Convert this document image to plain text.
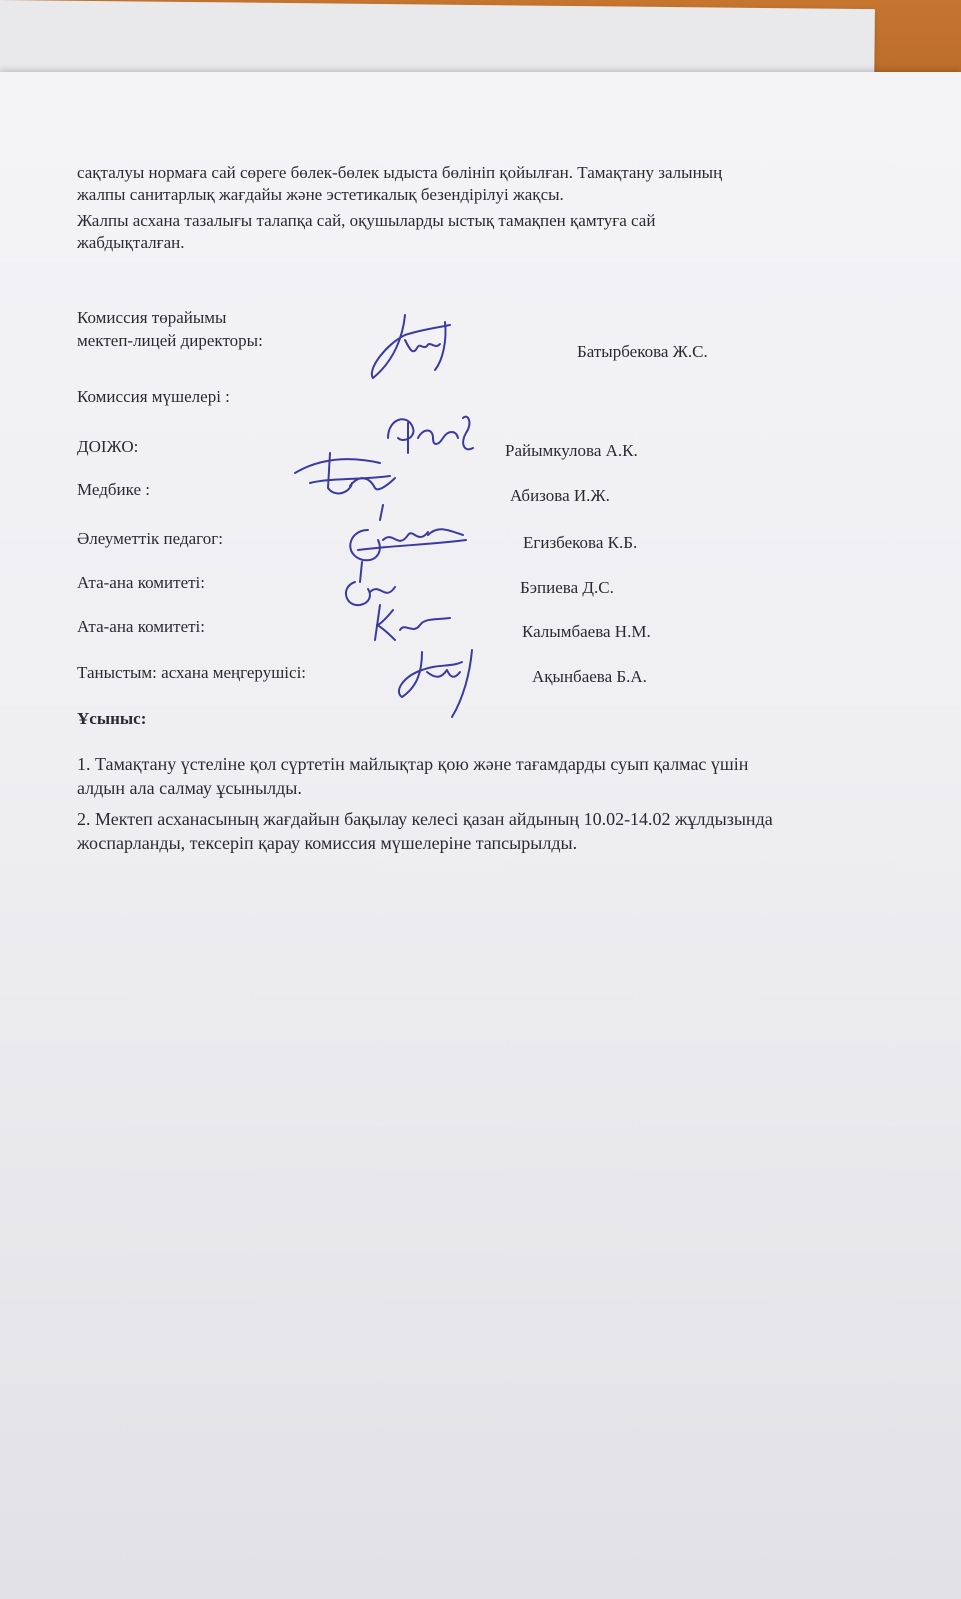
сақталуы нормаға сай сөреге бөлек-бөлек ыдыста бөлініп қойылған. Тамақтану залының
жалпы санитарлық жағдайы және эстетикалық безендірілуі жақсы.
Жалпы асхана тазалығы талапқа сай, оқушыларды ыстық тамақпен қамтуға сай
жабдықталған.
Комиссия төрайымы
мектеп-лицей директоры:
Батырбекова Ж.С.
Комиссия мүшелері :
ДОІЖО:	Райымкулова А.К.
Медбике :	Абизова И.Ж.
Әлеуметтік педагог:	Егизбекова К.Б.
Ата-ана комитеті:	Бэпиева Д.С.
Ата-ана комитеті:	Калымбаева Н.М.
Таныстым: асхана меңгерушісі:	Ақынбаева Б.А.
Ұсыныс:
1. Тамақтану үстеліне қол сүртетін майлықтар қою және тағамдарды суып қалмас үшін
алдын ала салмау ұсынылды.
2. Мектеп асханасының жағдайын бақылау келесі қазан айдының 10.02-14.02 жұлдызында
жоспарланды, тексеріп қарау комиссия мүшелеріне тапсырылды.
